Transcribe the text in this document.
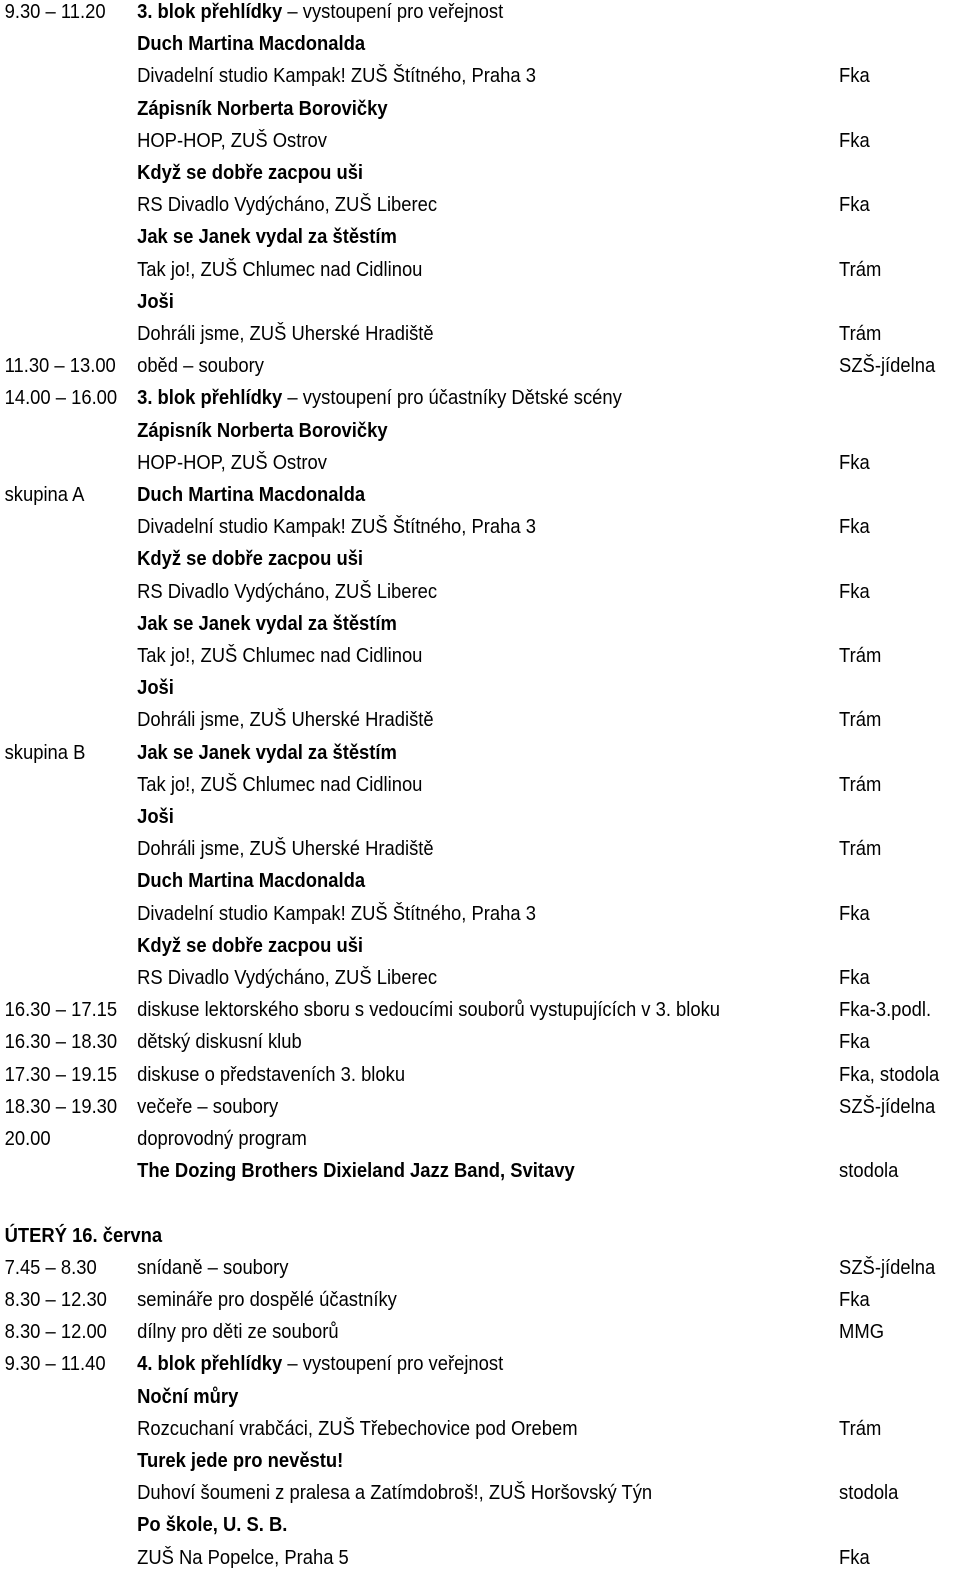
9.30 – 11.20 3. blok přehlídky – vystoupení pro veřejnost
Duch Martina Macdonalda
Divadelní studio Kampak! ZUŠ Štítného, Praha 3	Fka
Zápisník Norberta Borovičky
HOP-HOP, ZUŠ Ostrov	Fka
Když se dobře zacpou uši
RS Divadlo Vydýcháno, ZUŠ Liberec	Fka
Jak se Janek vydal za štěstím
Tak jo!, ZUŠ Chlumec nad Cidlinou	Trám
Joši
Dohráli jsme, ZUŠ Uherské Hradiště	Trám
11.30 – 13.00 oběd – soubory	SZŠ-jídelna
14.00 – 16.00 3. blok přehlídky – vystoupení pro účastníky Dětské scény
Zápisník Norberta Borovičky
HOP-HOP, ZUŠ Ostrov	Fka
skupina A	Duch Martina Macdonalda
Divadelní studio Kampak! ZUŠ Štítného, Praha 3	Fka
Když se dobře zacpou uši
RS Divadlo Vydýcháno, ZUŠ Liberec	Fka
Jak se Janek vydal za štěstím
Tak jo!, ZUŠ Chlumec nad Cidlinou	Trám
Joši
Dohráli jsme, ZUŠ Uherské Hradiště	Trám
skupina B	Jak se Janek vydal za štěstím
Tak jo!, ZUŠ Chlumec nad Cidlinou	Trám
Joši
Dohráli jsme, ZUŠ Uherské Hradiště	Trám
Duch Martina Macdonalda
Divadelní studio Kampak! ZUŠ Štítného, Praha 3	Fka
Když se dobře zacpou uši
RS Divadlo Vydýcháno, ZUŠ Liberec	Fka
16.30 – 17.15 diskuse lektorského sboru s vedoucími souborů vystupujících v 3. bloku	Fka-3.podl.
16.30 – 18.30 dětský diskusní klub	Fka
17.30 – 19.15 diskuse o představeních 3. bloku	Fka, stodola
18.30 – 19.30 večeře – soubory	SZŠ-jídelna
20.00	doprovodný program
The Dozing Brothers Dixieland Jazz Band, Svitavy	stodola
ÚTERÝ 16. června
7.45 – 8.30 snídaně – soubory	SZŠ-jídelna
8.30 – 12.30 semináře pro dospělé účastníky	Fka
8.30 – 12.00 dílny pro děti ze souborů	MMG
9.30 – 11.40 4. blok přehlídky – vystoupení pro veřejnost
Noční můry
Rozcuchaní vrabčáci, ZUŠ Třebechovice pod Orebem	Trám
Turek jede pro nevěstu!
Duhoví šoumeni z pralesa a Zatímdobroš!, ZUŠ Horšovský Týn	stodola
Po škole, U. S. B.
ZUŠ Na Popelce, Praha 5	Fka
